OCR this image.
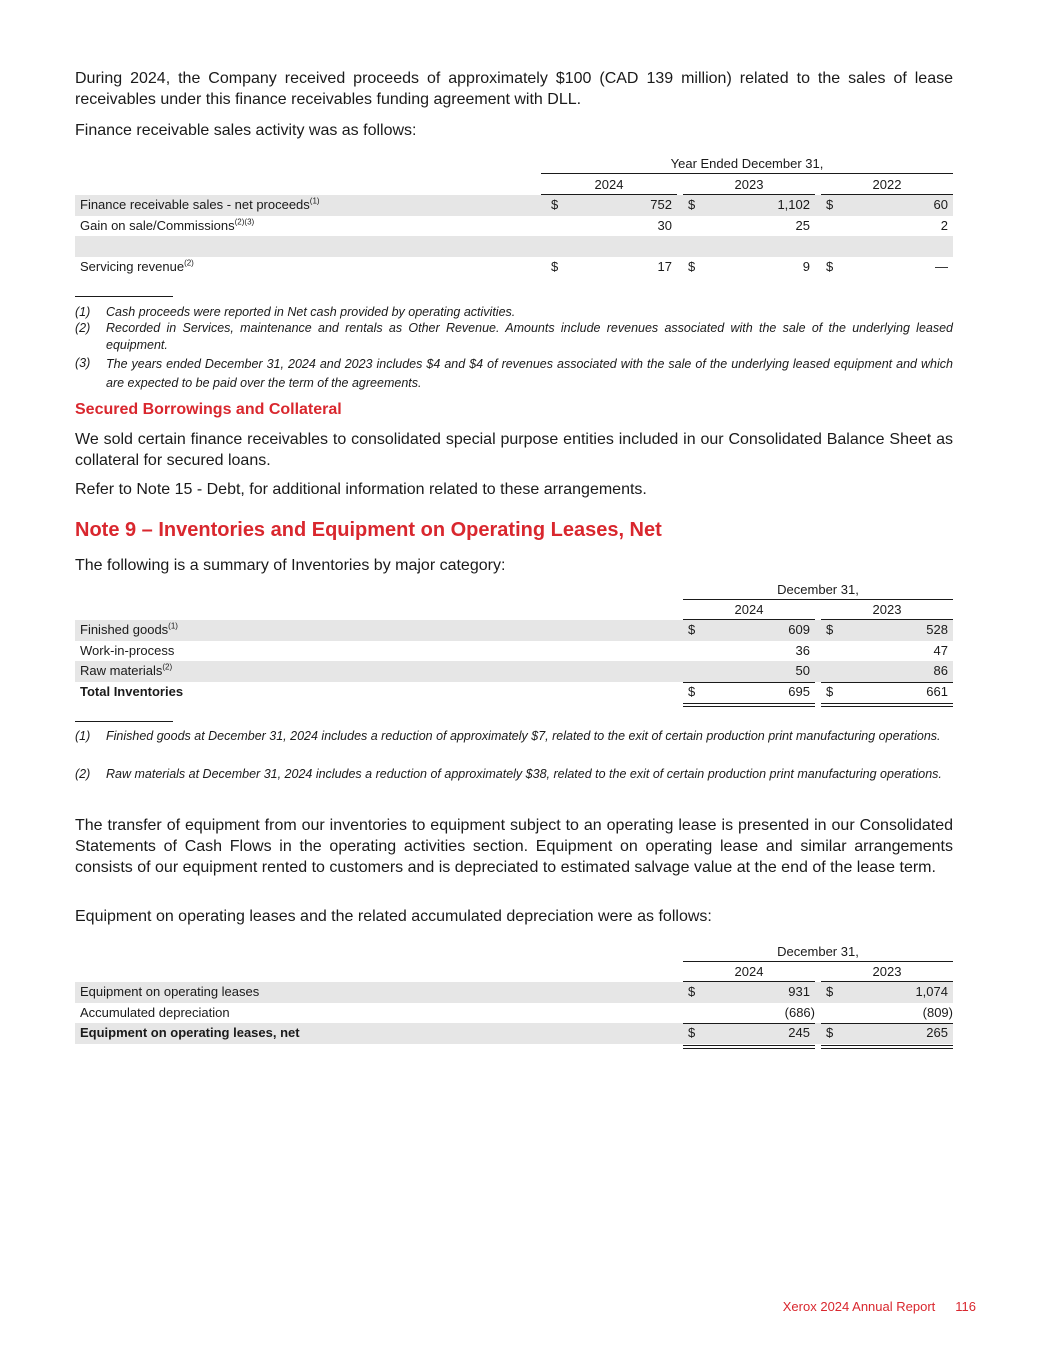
During 2024, the Company received proceeds of approximately $100 (CAD 139 million) related to the sales of lease receivables under this finance receivables funding agreement with DLL.

Finance receivable sales activity was as follows:

Year Ended December 31,
2024	2023	2022
Finance receivable sales - net proceeds$^{(1)}$	$	752 $	1,102 $	60
Gain on sale/Commissions$^{(2)(3)}$	30	25	2
Servicing revenue$^{(2)}$	$	17 $	9 $	—
(1) Cash proceeds were reported in Net cash provided by operating activities.
(2) Recorded in Services, maintenance and rentals as Other Revenue. Amounts include revenues associated with the sale of the underlying leased equipment.
(3) The years ended December 31, 2024 and 2023 includes $4 and $4 of revenues associated with the sale of the underlying leased equipment and which are expected to be paid over the term of the agreements.
Secured Borrowings and Collateral

We sold certain finance receivables to consolidated special purpose entities included in our Consolidated Balance Sheet as collateral for secured loans.

Refer to Note 15 - Debt, for additional information related to these arrangements.

Note 9 – Inventories and Equipment on Operating Leases, Net

The following is a summary of Inventories by major category:

December 31,
2024	2023
Finished goods$^{(1)}$	$	609 $	528
Work-in-process	36	47
Raw materials$^{(2)}$	50	86
Total Inventories	$	695 $	661
(1) Finished goods at December 31, 2024 includes a reduction of approximately $7, related to the exit of certain production print manufacturing operations.
(2) Raw materials at December 31, 2024 includes a reduction of approximately $38, related to the exit of certain production print manufacturing operations.

The transfer of equipment from our inventories to equipment subject to an operating lease is presented in our Consolidated Statements of Cash Flows in the operating activities section. Equipment on operating lease and similar arrangements consists of our equipment rented to customers and is depreciated to estimated salvage value at the end of the lease term.

Equipment on operating leases and the related accumulated depreciation were as follows:

December 31,
2024	2023
Equipment on operating leases	$	931 $	1,074
Accumulated depreciation	(686)	(809)
Equipment on operating leases, net	$	245 $	265
Xerox 2024 Annual Report 116
